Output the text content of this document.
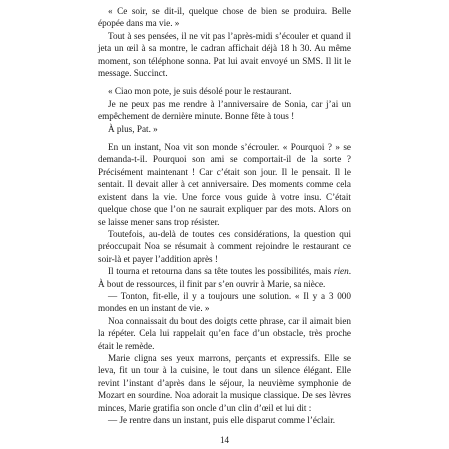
« Ce soir, se dit-il, quelque chose de bien se produira. Belle épopée dans ma vie. »

Tout à ses pensées, il ne vit pas l’après-midi s’écouler et quand il jeta un œil à sa montre, le cadran affichait déjà 18 h 30. Au même moment, son téléphone sonna. Pat lui avait envoyé un SMS. Il lit le message. Succinct.

« Ciao mon pote, je suis désolé pour le restaurant.

Je ne peux pas me rendre à l’anniversaire de Sonia, car j’ai un empêchement de dernière minute. Bonne fête à tous !

À plus, Pat. »

En un instant, Noa vit son monde s’écrouler. « Pourquoi ? » se demanda-t-il. Pourquoi son ami se comportait-il de la sorte ? Précisément maintenant ! Car c’était son jour. Il le pensait. Il le sentait. Il devait aller à cet anniversaire. Des moments comme cela existent dans la vie. Une force vous guide à votre insu. C’était quelque chose que l’on ne saurait expliquer par des mots. Alors on se laisse mener sans trop résister.

Toutefois, au-delà de toutes ces considérations, la question qui préoccupait Noa se résumait à comment rejoindre le restaurant ce soir-là et payer l’addition après !

Il tourna et retourna dans sa tête toutes les possibilités, mais rien. À bout de ressources, il finit par s’en ouvrir à Marie, sa nièce.

— Tonton, fit-elle, il y a toujours une solution. « Il y a 3 000 mondes en un instant de vie. »

Noa connaissait du bout des doigts cette phrase, car il aimait bien la répéter. Cela lui rappelait qu’en face d’un obstacle, très proche était le remède.

Marie cligna ses yeux marrons, perçants et expressifs. Elle se leva, fit un tour à la cuisine, le tout dans un silence élégant. Elle revint l’instant d’après dans le séjour, la neuvième symphonie de Mozart en sourdine. Noa adorait la musique classique. De ses lèvres minces, Marie gratifia son oncle d’un clin d’œil et lui dit :

— Je rentre dans un instant, puis elle disparut comme l’éclair.

14
